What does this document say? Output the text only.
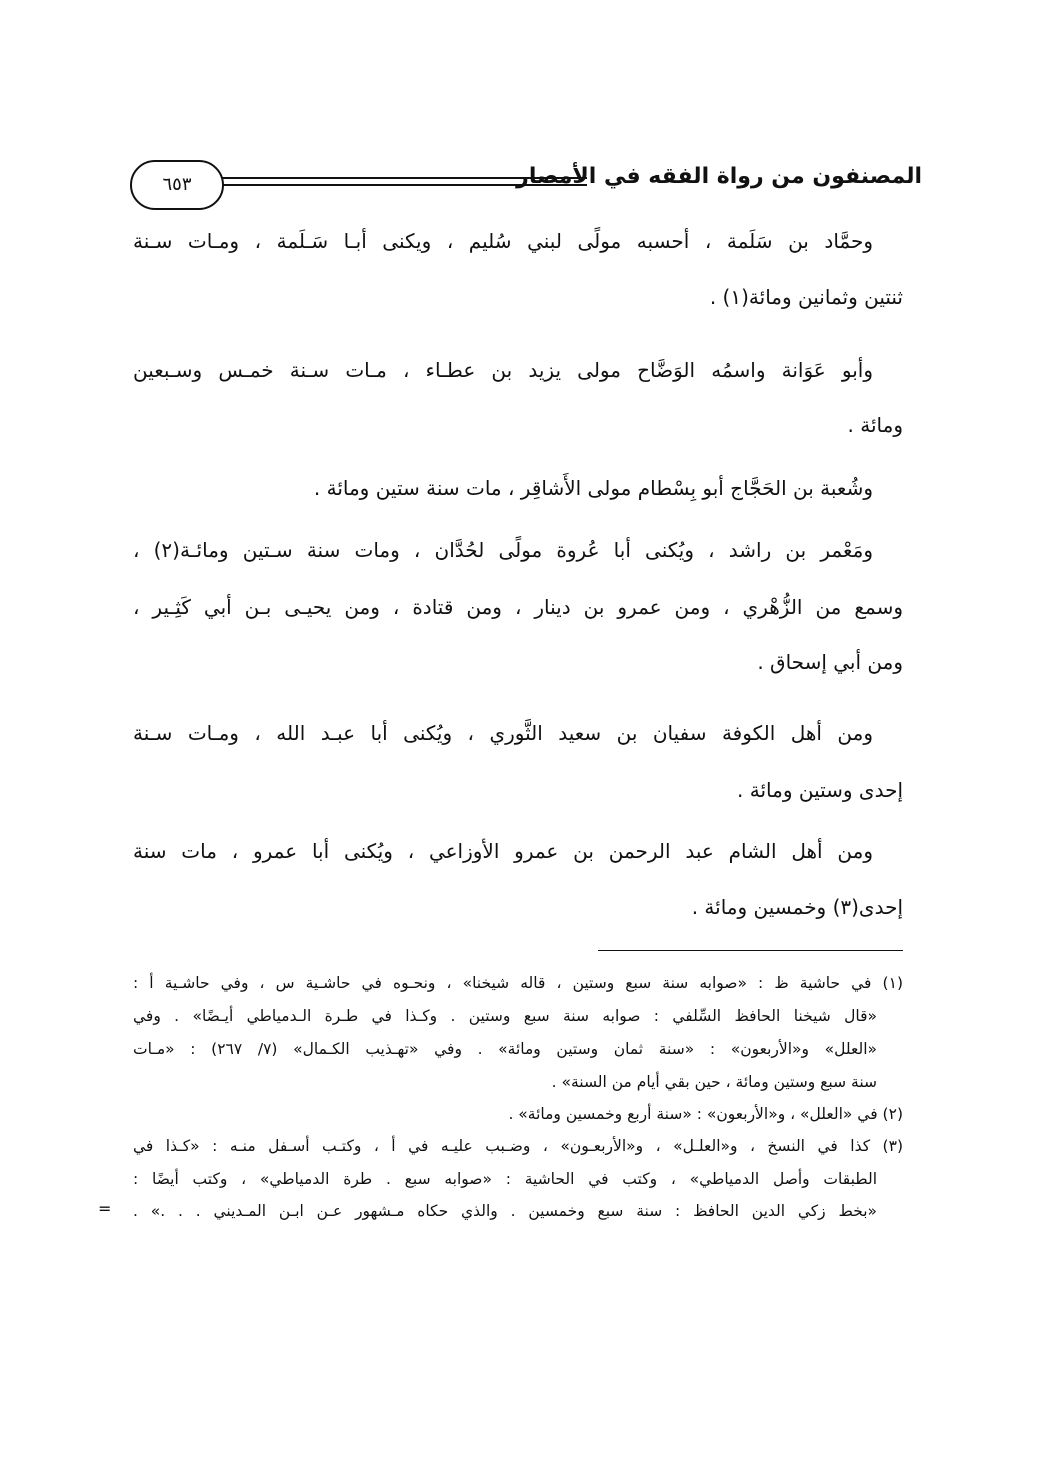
المصنفون من رواة الفقه في الأمصار
٦٥٣
وحمَّاد بن سَلَمة ، أحسبه مولًى لبني سُليم ، ويكنى أبـا سَـلَمة ، ومـات سـنة
ثنتين وثمانين ومائة(١) .
وأبو عَوَانة واسمُه الوَضَّاح مولى يزيد بن عطـاء ، مـات سـنة خمـس وسـبعين
ومائة .
وشُعبة بن الحَجَّاج أبو بِسْطام مولى الأَشاقِر ، مات سنة ستين ومائة .
ومَعْمر بن راشد ، ويُكنى أبا عُروة مولًى لحُدَّان ، ومات سنة سـتين ومائـة(٢) ،
وسمع من الزُّهْري ، ومن عمرو بن دينار ، ومن قتادة ، ومن يحيـى بـن أبي كَثِـير ،
ومن أبي إسحاق .
ومن أهل الكوفة سفيان بن سعيد الثَّوري ، ويُكنى أبا عبـد الله ، ومـات سـنة
إحدى وستين ومائة .
ومن أهل الشام عبد الرحمن بن عمرو الأوزاعي ، ويُكنى أبا عمرو ، مات سنة
إحدى(٣) وخمسين ومائة .
(١) في حاشية ظ : «صوابه سنة سبع وستين ، قاله شيخنا» ، ونحـوه في حاشـية س ، وفي حاشـية أ :
«قال شيخنا الحافظ السِّلفي : صوابه سنة سبع وستين . وكـذا في طـرة الـدمياطي أيـضًا» . وفي
«العلل» و«الأربعون» : «سنة ثمان وستين ومائة» . وفي «تهـذيب الكـمال» (٧/ ٢٦٧) : «مـات
سنة سبع وستين ومائة ، حين بقي أيام من السنة» .
(٢) في «العلل» ، و«الأربعون» : «سنة أربع وخمسين ومائة» .
(٣) كذا في النسخ ، و«العلـل» ، و«الأربعـون» ، وضـبب عليـه في أ ، وكتـب أسـفل منـه : «كـذا في
الطبقات وأصل الدمياطي» ، وكتب في الحاشية : «صوابه سبع . طرة الدمياطي» ، وكتب أيضًا :
«بخط زكي الدين الحافظ : سنة سبع وخمسين . والذي حكاه مـشهور عـن ابـن المـديني . . .» .
=
